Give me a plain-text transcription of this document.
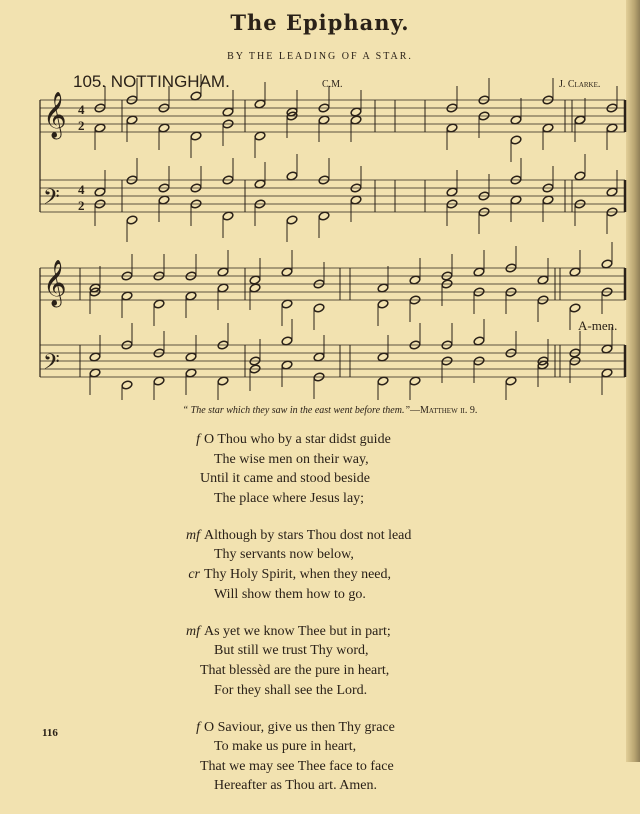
The Epiphany.
BY THE LEADING OF A STAR.
105. NOTTINGHAM.	C.M.	J. Clarke.
𝄞 4
2
𝄢 4
2
𝄞
𝄢
A-men.
“ The star which they saw in the east went before them.”—Matthew ii. 9.
f O Thou who by a star didst guide
The wise men on their way,
Until it came and stood beside
The place where Jesus lay;
mf Although by stars Thou dost not lead
Thy servants now below,
cr Thy Holy Spirit, when they need,
Will show them how to go.
mf As yet we know Thee but in part;
But still we trust Thy word,
That blessèd are the pure in heart,
For they shall see the Lord.
f O Saviour, give us then Thy grace
To make us pure in heart,
That we may see Thee face to face
Hereafter as Thou art. Amen.
116
